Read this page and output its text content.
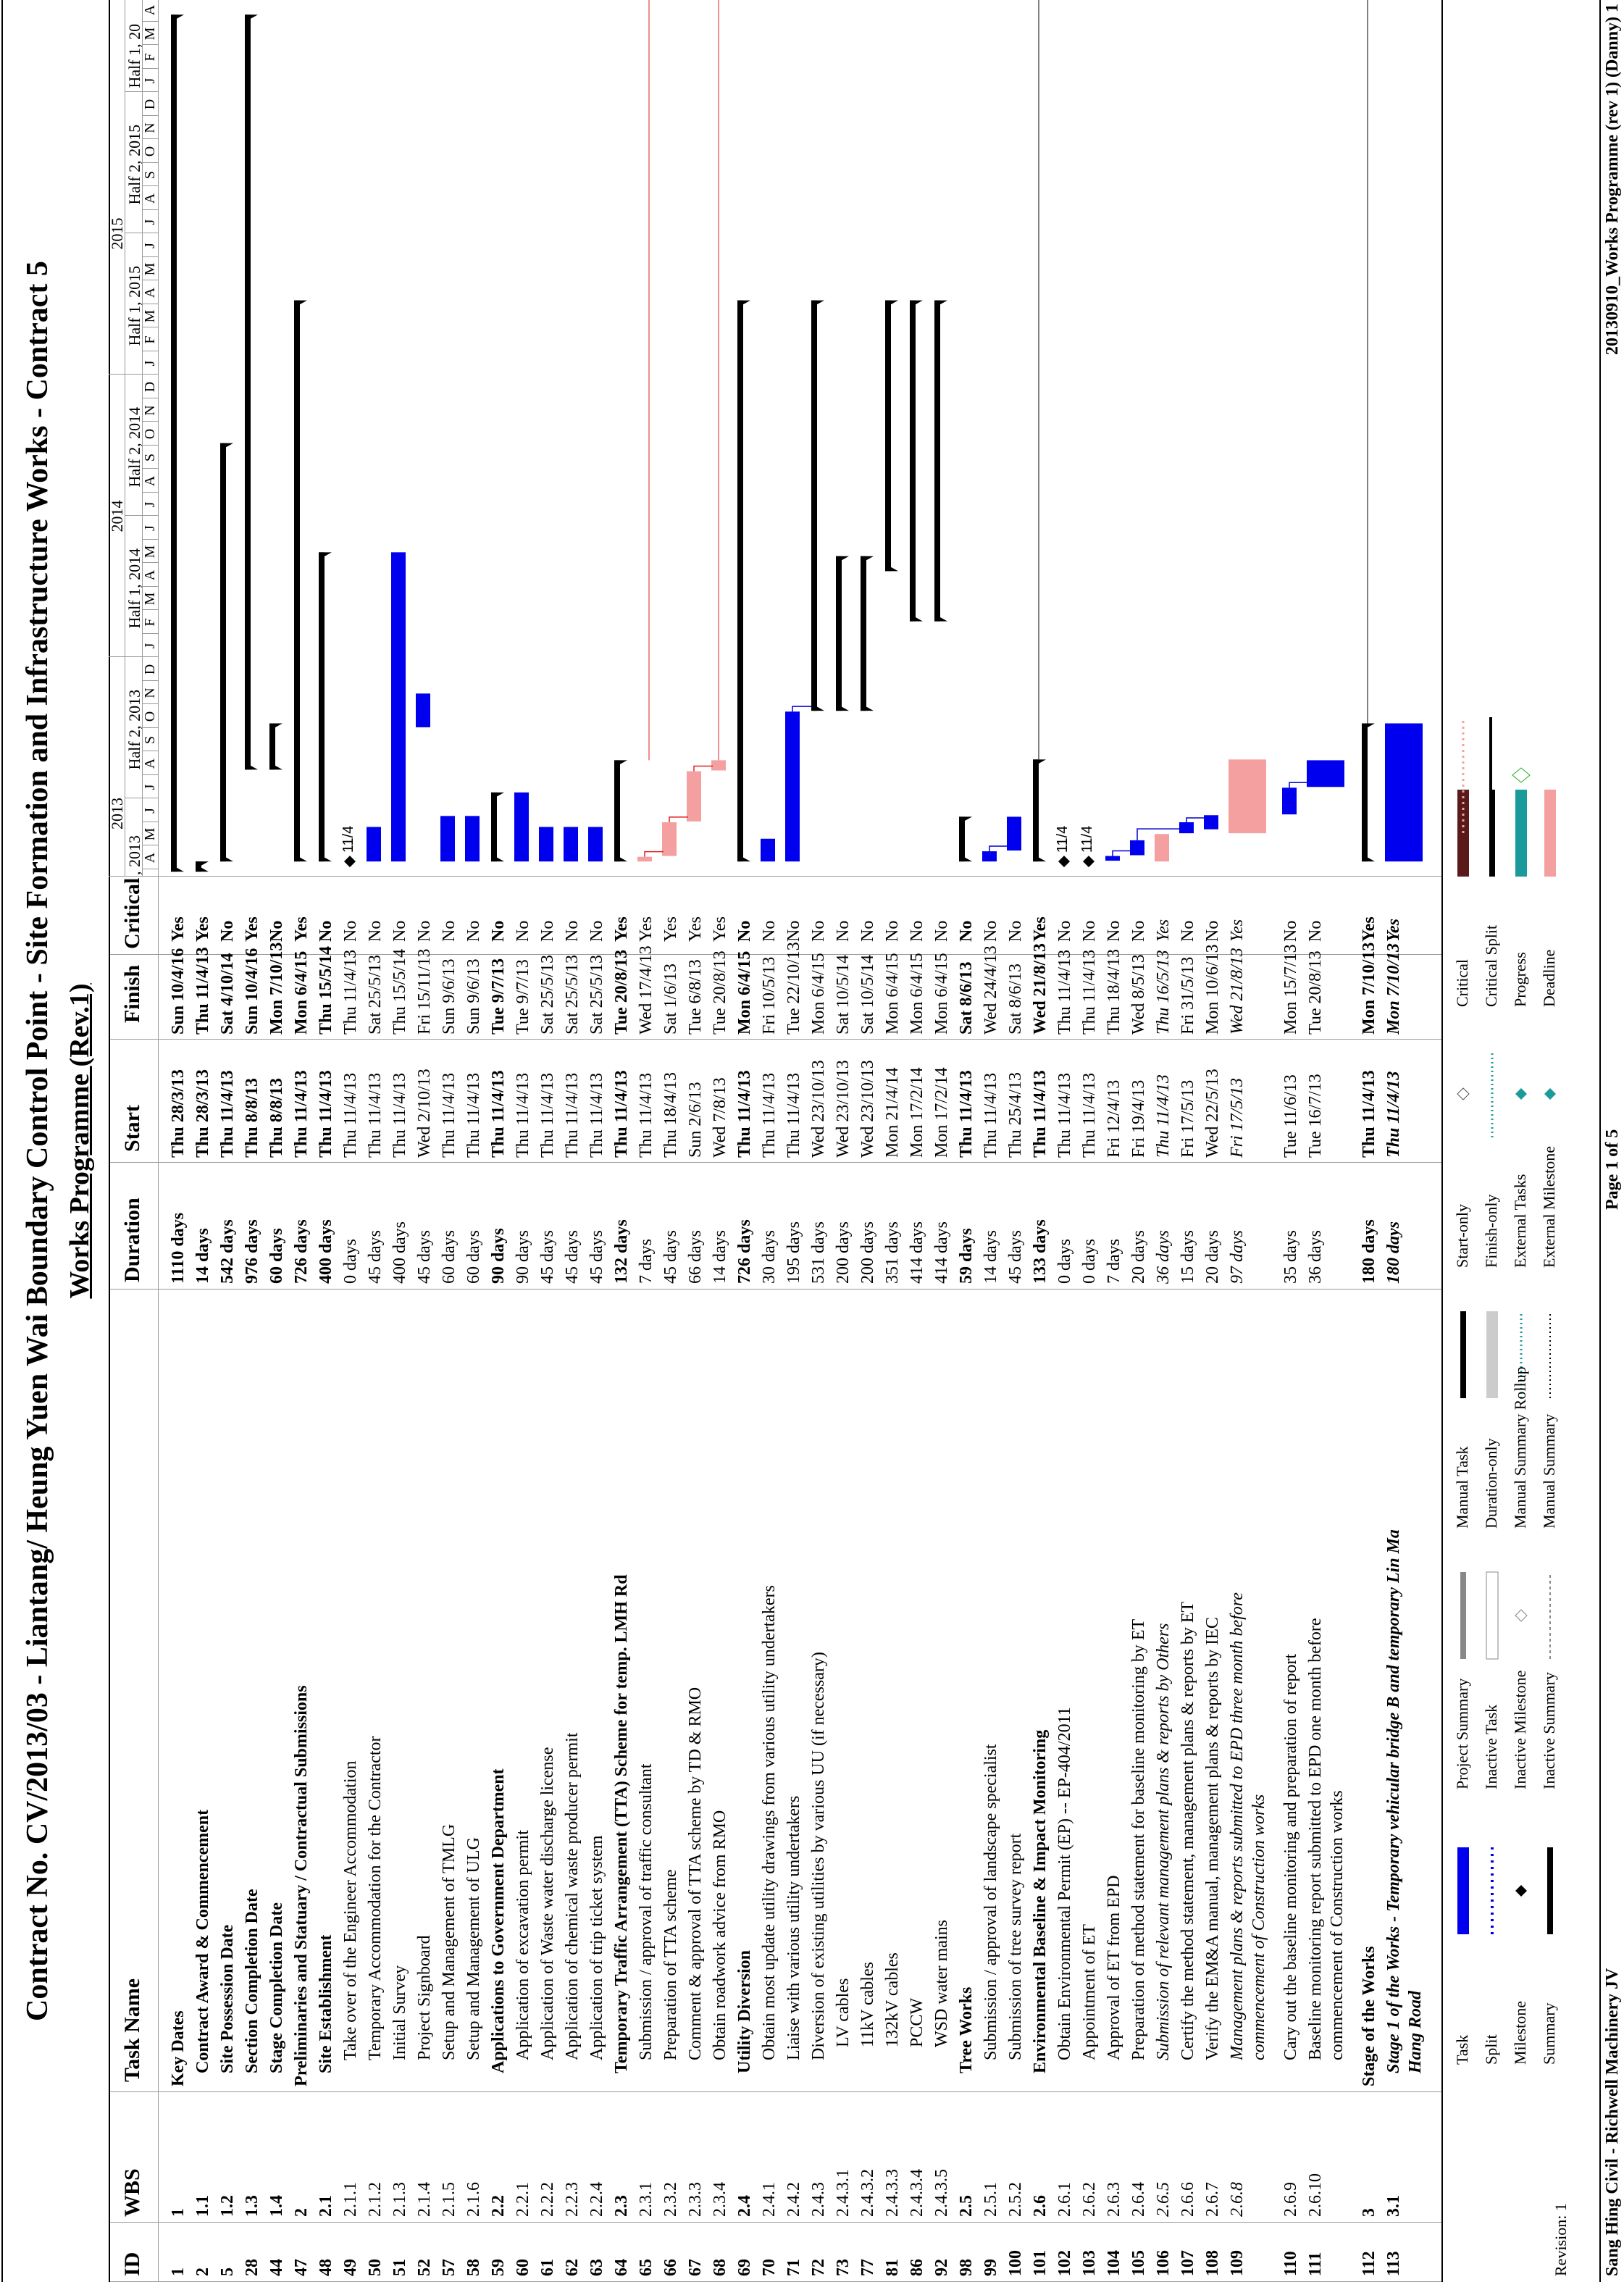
Contract No. CV/2013/03 - Liantang/ Heung Yuen Wai Boundary Control Point - Site Formation and Infrastructure Works - Contract 5 Works Programme (Rev.1)
ID
WBS
Task Name
Duration
Start
Finish
Critical
1
1
Key Dates
1110 days
Thu 28/3/13
Sun 10/4/16
Yes
2
1.1
Contract Award & Commencement
14 days
Thu 28/3/13
Thu 11/4/13
Yes
5
1.2
Site Possession Date
542 days
Thu 11/4/13
Sat 4/10/14
No
28
1.3
Section Completion Date
976 days
Thu 8/8/13
Sun 10/4/16
Yes
44
1.4
Stage Completion Date
60 days
Thu 8/8/13
Mon 7/10/13
No
47
2
Preliminaries and Statuary / Contractual Submissions
726 days
Thu 11/4/13
Mon 6/4/15
Yes
48
2.1
Site Establishment
400 days
Thu 11/4/13
Thu 15/5/14
No
49
2.1.1
Take over of the Engineer Accommodation
0 days
Thu 11/4/13
Thu 11/4/13
No
50
2.1.2
Temporary Accommodation for the Contractor
45 days
Thu 11/4/13
Sat 25/5/13
No
51
2.1.3
Initial Survey
400 days
Thu 11/4/13
Thu 15/5/14
No
52
2.1.4
Project Signboard
45 days
Wed 2/10/13
Fri 15/11/13
No
57
2.1.5
Setup and Management of TMLG
60 days
Thu 11/4/13
Sun 9/6/13
No
58
2.1.6
Setup and Management of ULG
60 days
Thu 11/4/13
Sun 9/6/13
No
59
2.2
Applications to Government Department
90 days
Thu 11/4/13
Tue 9/7/13
No
60
2.2.1
Application of excavation permit
90 days
Thu 11/4/13
Tue 9/7/13
No
61
2.2.2
Application of Waste water discharge license
45 days
Thu 11/4/13
Sat 25/5/13
No
62
2.2.3
Application of chemical waste producer permit
45 days
Thu 11/4/13
Sat 25/5/13
No
63
2.2.4
Application of trip ticket system
45 days
Thu 11/4/13
Sat 25/5/13
No
64
2.3
Temporary Traffic Arrangement (TTA) Scheme for temp. LMH Rd
132 days
Thu 11/4/13
Tue 20/8/13
Yes
65
2.3.1
Submission / approval of traffic consultant
7 days
Thu 11/4/13
Wed 17/4/13
Yes
66
2.3.2
Preparation of TTA scheme
45 days
Thu 18/4/13
Sat 1/6/13
Yes
67
2.3.3
Comment & approval of TTA scheme by TD & RMO
66 days
Sun 2/6/13
Tue 6/8/13
Yes
68
2.3.4
Obtain roadwork advice from RMO
14 days
Wed 7/8/13
Tue 20/8/13
Yes
69
2.4
Utility Diversion
726 days
Thu 11/4/13
Mon 6/4/15
No
70
2.4.1
Obtain most update utility drawings from various utility undertakers
30 days
Thu 11/4/13
Fri 10/5/13
No
71
2.4.2
Liaise with various utility undertakers
195 days
Thu 11/4/13
Tue 22/10/13
No
72
2.4.3
Diversion of existing utilities by various UU (if necessary)
531 days
Wed 23/10/13
Mon 6/4/15
No
73
2.4.3.1
LV cables
200 days
Wed 23/10/13
Sat 10/5/14
No
77
2.4.3.2
11kV cables
200 days
Wed 23/10/13
Sat 10/5/14
No
81
2.4.3.3
132kV cables
351 days
Mon 21/4/14
Mon 6/4/15
No
86
2.4.3.4
PCCW
414 days
Mon 17/2/14
Mon 6/4/15
No
92
2.4.3.5
WSD water mains
414 days
Mon 17/2/14
Mon 6/4/15
No
98
2.5
Tree Works
59 days
Thu 11/4/13
Sat 8/6/13
No
99
2.5.1
Submission / approval of landscape specialist
14 days
Thu 11/4/13
Wed 24/4/13
No
100
2.5.2
Submission of tree survey report
45 days
Thu 25/4/13
Sat 8/6/13
No
101
2.6
Environmental Baseline & Impact Monitoring
133 days
Thu 11/4/13
Wed 21/8/13
Yes
102
2.6.1
Obtain Environmental Permit (EP) -- EP-404/2011
0 days
Thu 11/4/13
Thu 11/4/13
No
103
2.6.2
Appointment of ET
0 days
Thu 11/4/13
Thu 11/4/13
No
104
2.6.3
Approval of ET from EPD
7 days
Fri 12/4/13
Thu 18/4/13
No
105
2.6.4
Preparation of method statement for baseline monitoring by ET
20 days
Fri 19/4/13
Wed 8/5/13
No
106
2.6.5
Submission of relevant management plans & reports by Others
36 days
Thu 11/4/13
Thu 16/5/13
Yes
107
2.6.6
Certify the method statement, management plans & reports by ET
15 days
Fri 17/5/13
Fri 31/5/13
No
108
2.6.7
Verify the EM&A manual, management plans & reports by IEC
20 days
Wed 22/5/13
Mon 10/6/13
No
109
2.6.8
Management plans & reports submitted to EPD three month before commencement of Construction works
97 days
Fri 17/5/13
Wed 21/8/13
Yes
110
2.6.9
Cary out the baseline monitoring and preparation of report
35 days
Tue 11/6/13
Mon 15/7/13
No
111
2.6.10
Baseline monitoring report submitted to EPD one month before commencement of Construction works
36 days
Tue 16/7/13
Tue 20/8/13
No
112
3
Stage of the Works
180 days
Thu 11/4/13
Mon 7/10/13
Yes
113
3.1
Stage 1 of the Works - Temporary vehicular bridge B and temporary Lin Ma Hang Road
180 days
Thu 11/4/13
Mon 7/10/13
Yes
2013
2014
2015
Half 2, 2013
Half 1, 2014
Half 2, 2014
Half 1, 2015
Half 2, 2015
Half 1, 20
, 2013
A
M
J
J
A
S
O
N
D
J
F
M
A
M
J
J
A
S
O
N
D
J
F
M
A
M
J
J
A
S
O
N
D
J
F
M
A
11/4	11/4 11/4
Revision: 1
Task Split Milestone Summary
Project Summary Inactive Task Inactive Milestone Inactive Summary
Manual Task Duration-only Manual Summary Rollup Manual Summary
Start-only Finish-only External Tasks External Milestone
Critical Critical Split Progress Deadline
Sang Hing Civil - Richwell Machinery JV
Page 1 of 5
20130910_Works Programme (rev 1) (Danny) 1
